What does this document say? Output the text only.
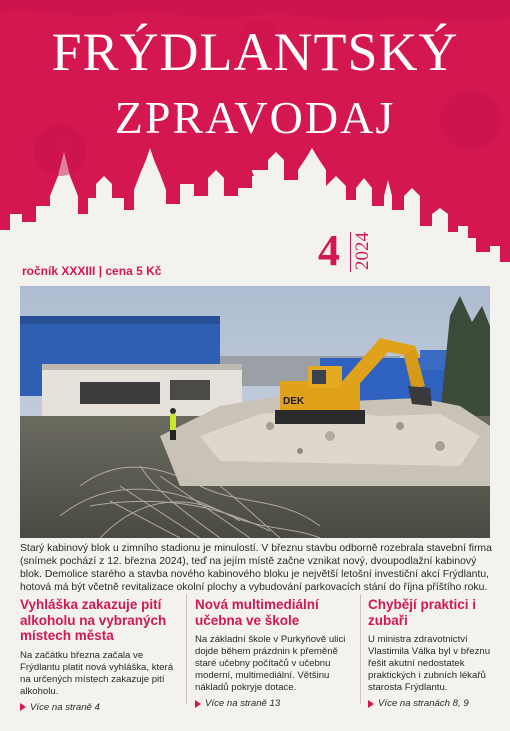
FRÝDLANTSKÝ
ZPRAVODAJ
4 2024
ročník XXXIII | cena 5 Kč
DEK
Starý kabinový blok u zimního stadionu je minulostí. V březnu stavbu odborně rozebrala stavební firma (snímek pochází z 12. března 2024), teď na jejím místě začne vznikat nový, dvoupodlažní kabinový blok. Demolice starého a stavba nového kabinového bloku je největší letošní investiční akcí Frýdlantu, hotová má být včetně revitalizace okolní plochy a vybudování parkovacích stání do října příštího roku.
Vyhláška zakazuje pití alkoholu na vybraných místech města

Na začátku března začala ve Frýdlantu platit nová vyhláška, která na určených místech zakazuje pití alkoholu.

Více na straně 4
Nová multimediální učebna ve škole

Na základní škole v Purkyňově ulici dojde během prázdnin k přeměně staré učebny počítačů v učebnu moderní, multimediální. Většinu nákladů pokryje dotace.

Více na straně 13
Chybějí praktici i zubaři

U ministra zdravotnictví Vlastimila Válka byl v březnu řešit akutní nedostatek praktických i zubních lékařů starosta Frýdlantu.

Více na stranách 8, 9
